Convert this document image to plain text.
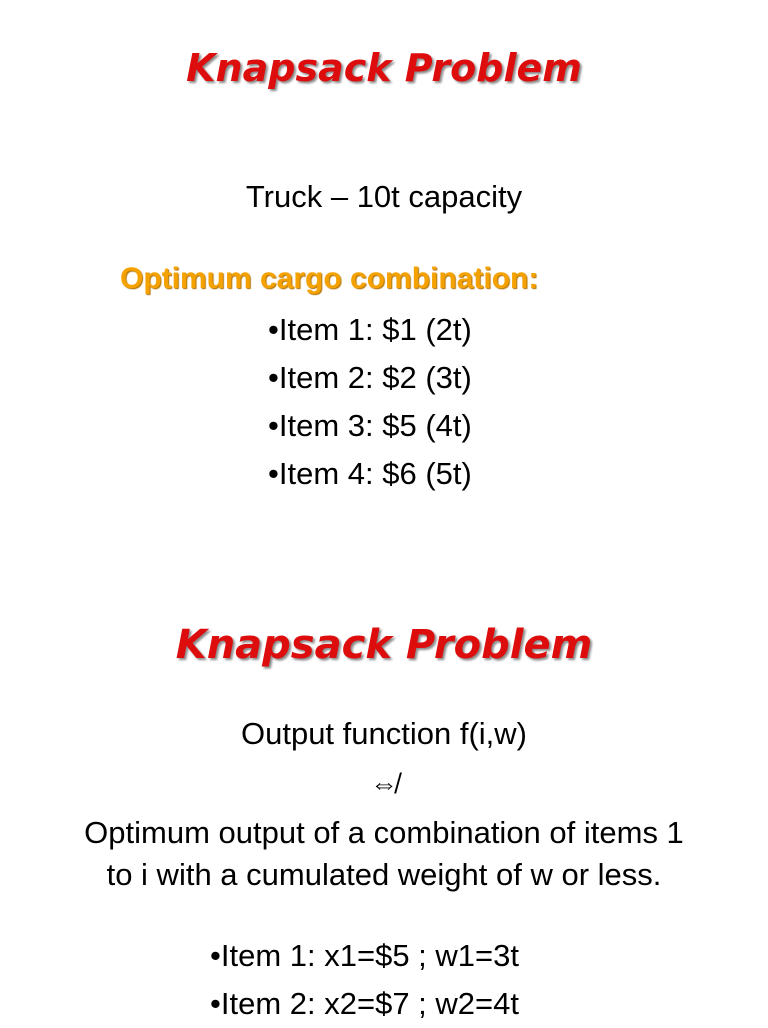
Knapsack Problem
Truck – 10t capacity
Optimum cargo combination:
• Item 1: $1 (2t)
• Item 2: $2 (3t)
• Item 3: $5 (4t)
• Item 4: $6 (5t)
Knapsack Problem
Output function f(i,w)
⇎
Optimum output of a combination of items 1
to i with a cumulated weight of w or less.
• Item 1: x1=$5 ; w1=3t
• Item 2: x2=$7 ; w2=4t
